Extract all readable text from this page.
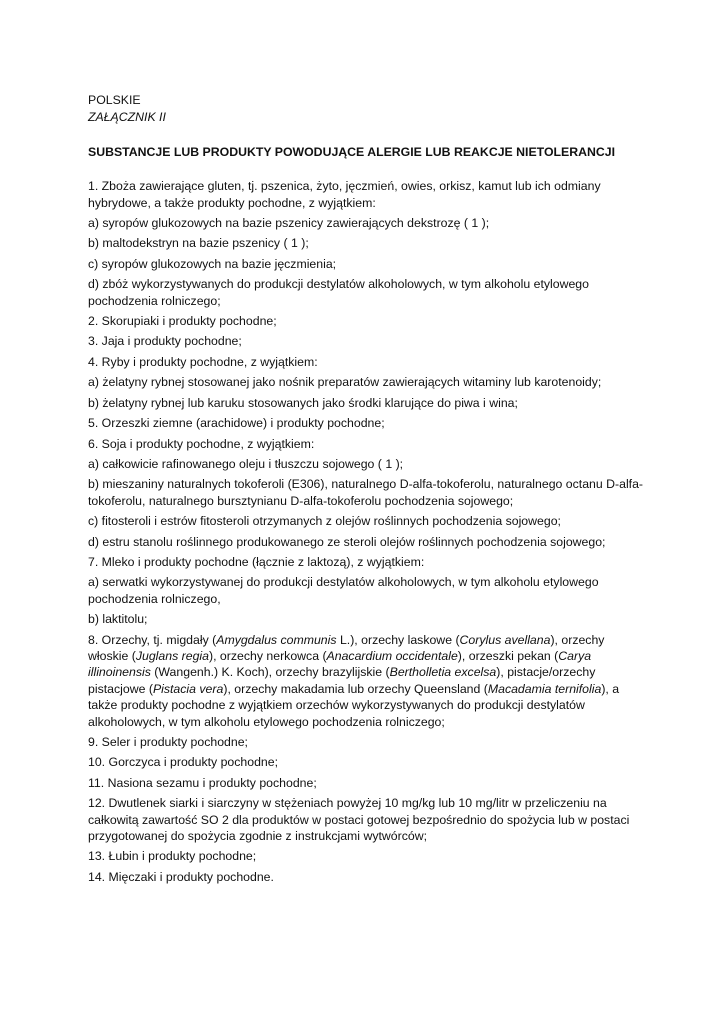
POLSKIE

ZAŁĄCZNIK II

SUBSTANCJE LUB PRODUKTY POWODUJĄCE ALERGIE LUB REAKCJE NIETOLERANCJI

1. Zboża zawierające gluten, tj. pszenica, żyto, jęczmień, owies, orkisz, kamut lub ich odmiany hybrydowe, a także produkty pochodne, z wyjątkiem:

a) syropów glukozowych na bazie pszenicy zawierających dekstrozę ( 1 );

b) maltodekstryn na bazie pszenicy ( 1 );

c) syropów glukozowych na bazie jęczmienia;

d) zbóż wykorzystywanych do produkcji destylatów alkoholowych, w tym alkoholu etylowego pochodzenia rolniczego;

2. Skorupiaki i produkty pochodne;

3. Jaja i produkty pochodne;

4. Ryby i produkty pochodne, z wyjątkiem:

a) żelatyny rybnej stosowanej jako nośnik preparatów zawierających witaminy lub karotenoidy;

b) żelatyny rybnej lub karuku stosowanych jako środki klarujące do piwa i wina;

5. Orzeszki ziemne (arachidowe) i produkty pochodne;

6. Soja i produkty pochodne, z wyjątkiem:

a) całkowicie rafinowanego oleju i tłuszczu sojowego ( 1 );

b) mieszaniny naturalnych tokoferoli (E306), naturalnego D-alfa-tokoferolu, naturalnego octanu D-alfa-tokoferolu, naturalnego bursztynianu D-alfa-tokoferolu pochodzenia sojowego;

c) fitosteroli i estrów fitosteroli otrzymanych z olejów roślinnych pochodzenia sojowego;

d) estru stanolu roślinnego produkowanego ze steroli olejów roślinnych pochodzenia sojowego;

7. Mleko i produkty pochodne (łącznie z laktozą), z wyjątkiem:

a) serwatki wykorzystywanej do produkcji destylatów alkoholowych, w tym alkoholu etylowego pochodzenia rolniczego,

b) laktitolu;

8. Orzechy, tj. migdały (Amygdalus communis L.), orzechy laskowe (Corylus avellana), orzechy włoskie (Juglans regia), orzechy nerkowca (Anacardium occidentale), orzeszki pekan (Carya illinoinensis (Wangenh.) K. Koch), orzechy brazylijskie (Bertholletia excelsa), pistacje/orzechy pistacjowe (Pistacia vera), orzechy makadamia lub orzechy Queensland (Macadamia ternifolia), a także produkty pochodne z wyjątkiem orzechów wykorzystywanych do produkcji destylatów alkoholowych, w tym alkoholu etylowego pochodzenia rolniczego;

9. Seler i produkty pochodne;

10. Gorczyca i produkty pochodne;

11. Nasiona sezamu i produkty pochodne;

12. Dwutlenek siarki i siarczyny w stężeniach powyżej 10 mg/kg lub 10 mg/litr w przeliczeniu na całkowitą zawartość SO 2 dla produktów w postaci gotowej bezpośrednio do spożycia lub w postaci przygotowanej do spożycia zgodnie z instrukcjami wytwórców;

13. Łubin i produkty pochodne;

14. Mięczaki i produkty pochodne.
